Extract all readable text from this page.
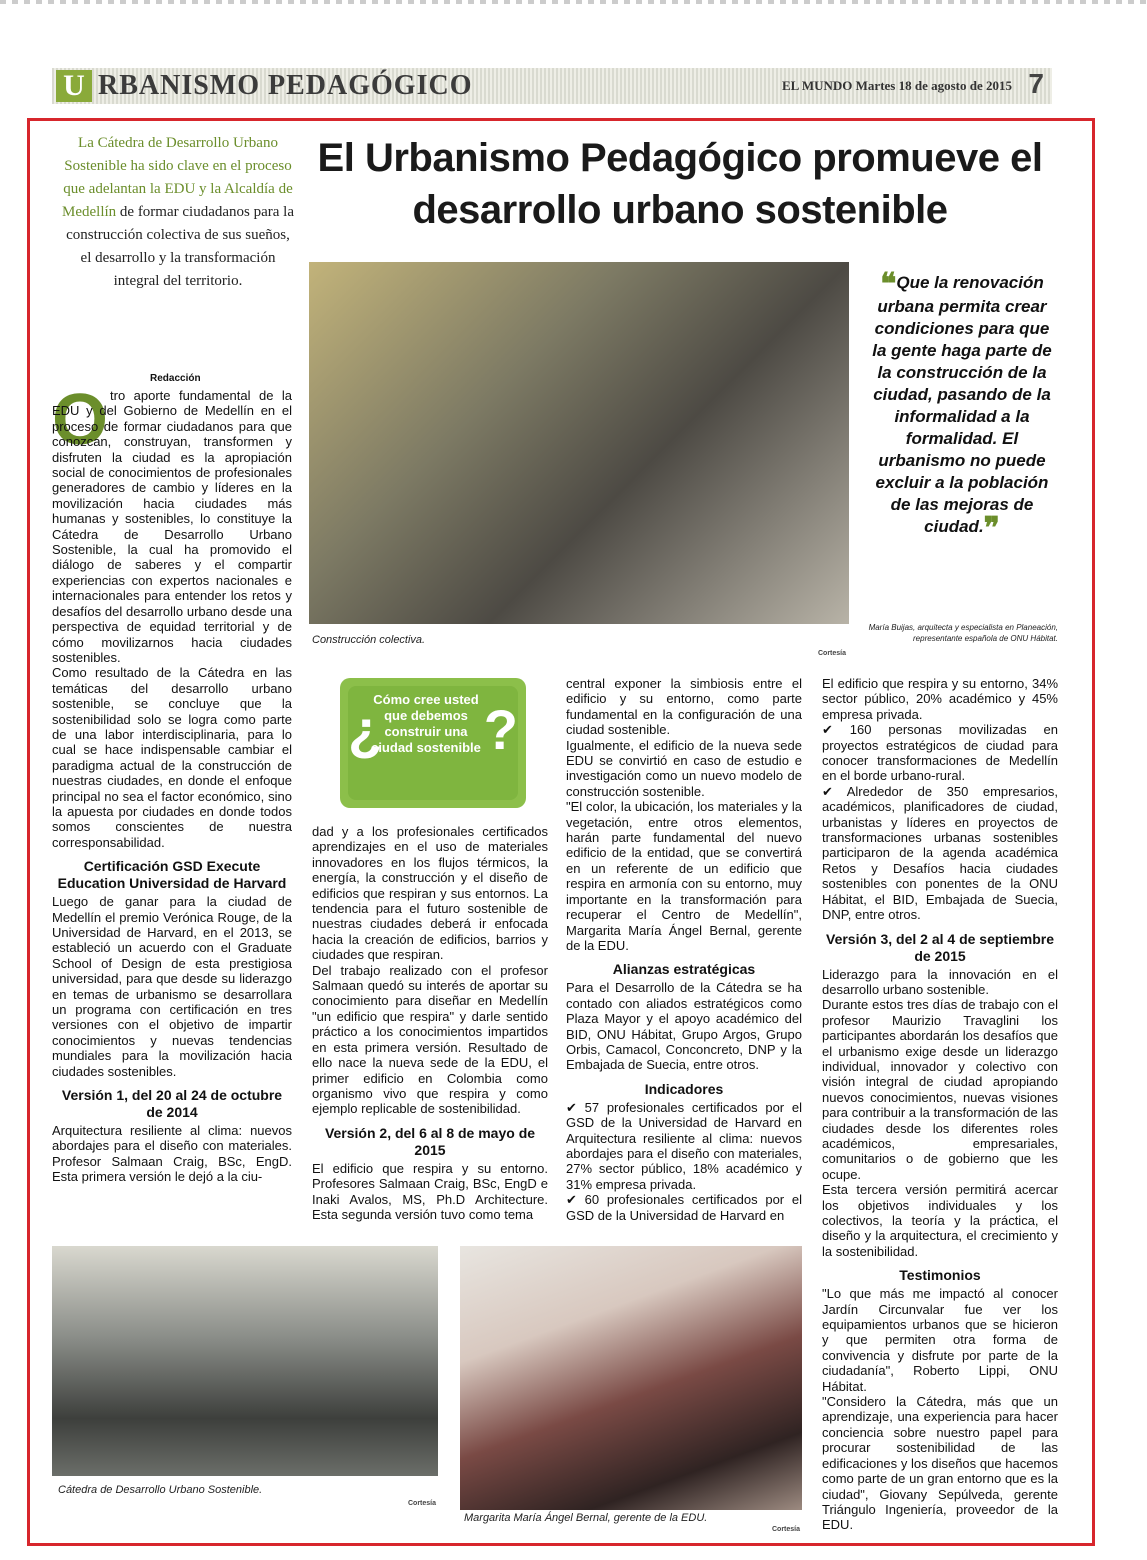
U RBANISMO PEDAGÓGICO	EL MUNDO Martes 18 de agosto de 2015 7
La Cátedra de Desarrollo Urbano Sostenible ha sido clave en el proceso que adelantan la EDU y la Alcaldía de Medellín de formar ciudadanos para la construcción colectiva de sus sueños, el desarrollo y la transformación integral del territorio.
El Urbanismo Pedagógico promueve el desarrollo urbano sostenible
Construcción colectiva.
Cortesía
❝Que la renovación urbana permita crear condiciones para que la gente haga parte de la construcción de la ciudad, pasando de la informalidad a la formalidad. El urbanismo no puede excluir a la población de las mejoras de ciudad.❞
María Buijas, arquitecta y especialista en Planeación, representante española de ONU Hábitat.
Redacción
O tro aporte fundamental de la EDU y del Gobierno de Medellín en el proceso de formar ciudadanos para que conozcan, construyan, transformen y disfruten la ciudad es la apropiación social de conocimientos de profesionales generadores de cambio y líderes en la movilización hacia ciudades más humanas y sostenibles, lo constituye la Cátedra de Desarrollo Urbano Sostenible, la cual ha promovido el diálogo de saberes y el compartir experiencias con expertos nacionales e internacionales para entender los retos y desafíos del desarrollo urbano desde una perspectiva de equidad territorial y de cómo movilizarnos hacia ciudades sostenibles.

Como resultado de la Cátedra en las temáticas del desarrollo urbano sostenible, se concluye que la sostenibilidad solo se logra como parte de una labor interdisciplinaria, para lo cual se hace indispensable cambiar el paradigma actual de la construcción de nuestras ciudades, en donde el enfoque principal no sea el factor económico, sino la apuesta por ciudades en donde todos somos conscientes de nuestra corresponsabilidad.

Certificación GSD Execute Education Universidad de Harvard

Luego de ganar para la ciudad de Medellín el premio Verónica Rouge, de la Universidad de Harvard, en el 2013, se estableció un acuerdo con el Graduate School of Design de esta prestigiosa universidad, para que desde su liderazgo en temas de urbanismo se desarrollara un programa con certificación en tres versiones con el objetivo de impartir conocimientos y nuevas tendencias mundiales para la movilización hacia ciudades sostenibles.

Versión 1, del 20 al 24 de octubre de 2014

Arquitectura resiliente al clima: nuevos abordajes para el diseño con materiales. Profesor Salmaan Craig, BSc, EngD. Esta primera versión le dejó a la ciu-

¿ ?
Cómo cree usted que debemos construir una ciudad sostenible

dad y a los profesionales certificados aprendizajes en el uso de materiales innovadores en los flujos térmicos, la energía, la construcción y el diseño de edificios que respiran y sus entornos. La tendencia para el futuro sostenible de nuestras ciudades deberá ir enfocada hacia la creación de edificios, barrios y ciudades que respiran.

Del trabajo realizado con el profesor Salmaan quedó su interés de aportar su conocimiento para diseñar en Medellín "un edificio que respira" y darle sentido práctico a los conocimientos impartidos en esta primera versión. Resultado de ello nace la nueva sede de la EDU, el primer edificio en Colombia como organismo vivo que respira y como ejemplo replicable de sostenibilidad.

Versión 2, del 6 al 8 de mayo de 2015

El edificio que respira y su entorno. Profesores Salmaan Craig, BSc, EngD e Inaki Avalos, MS, Ph.D Architecture. Esta segunda versión tuvo como tema

central exponer la simbiosis entre el edificio y su entorno, como parte fundamental en la configuración de una ciudad sostenible.

Igualmente, el edificio de la nueva sede EDU se convirtió en caso de estudio e investigación como un nuevo modelo de construcción sostenible.

"El color, la ubicación, los materiales y la vegetación, entre otros elementos, harán parte fundamental del nuevo edificio de la entidad, que se convertirá en un referente de un edificio que respira en armonía con su entorno, muy importante en la transformación para recuperar el Centro de Medellín", Margarita María Ángel Bernal, gerente de la EDU.

Alianzas estratégicas

Para el Desarrollo de la Cátedra se ha contado con aliados estratégicos como Plaza Mayor y el apoyo académico del BID, ONU Hábitat, Grupo Argos, Grupo Orbis, Camacol, Conconcreto, DNP y la Embajada de Suecia, entre otros.

Indicadores

✔ 57 profesionales certificados por el GSD de la Universidad de Harvard en Arquitectura resiliente al clima: nuevos abordajes para el diseño con materiales, 27% sector público, 18% académico y 31% empresa privada.

✔ 60 profesionales certificados por el GSD de la Universidad de Harvard en

El edificio que respira y su entorno, 34% sector público, 20% académico y 45% empresa privada.

✔ 160 personas movilizadas en proyectos estratégicos de ciudad para conocer transformaciones de Medellín en el borde urbano-rural.

✔ Alrededor de 350 empresarios, académicos, planificadores de ciudad, urbanistas y líderes en proyectos de transformaciones urbanas sostenibles participaron de la agenda académica Retos y Desafíos hacia ciudades sostenibles con ponentes de la ONU Hábitat, el BID, Embajada de Suecia, DNP, entre otros.

Versión 3, del 2 al 4 de septiembre de 2015

Liderazgo para la innovación en el desarrollo urbano sostenible.

Durante estos tres días de trabajo con el profesor Maurizio Travaglini los participantes abordarán los desafíos que el urbanismo exige desde un liderazgo individual, innovador y colectivo con visión integral de ciudad apropiando nuevos conocimientos, nuevas visiones para contribuir a la transformación de las ciudades desde los diferentes roles académicos, empresariales, comunitarios o de gobierno que les ocupe.

Esta tercera versión permitirá acercar los objetivos individuales y los colectivos, la teoría y la práctica, el diseño y la arquitectura, el crecimiento y la sostenibilidad.

Testimonios

"Lo que más me impactó al conocer Jardín Circunvalar fue ver los equipamientos urbanos que se hicieron y que permiten otra forma de convivencia y disfrute por parte de la ciudadanía", Roberto Lippi, ONU Hábitat.

"Considero la Cátedra, más que un aprendizaje, una experiencia para hacer conciencia sobre nuestro papel para procurar sostenibilidad de las edificaciones y los diseños que hacemos como parte de un gran entorno que es la ciudad", Giovany Sepúlveda, gerente Triángulo Ingeniería, proveedor de la EDU.

Cátedra de Desarrollo Urbano Sostenible.
Cortesía
Margarita María Ángel Bernal, gerente de la EDU.
Cortesía
